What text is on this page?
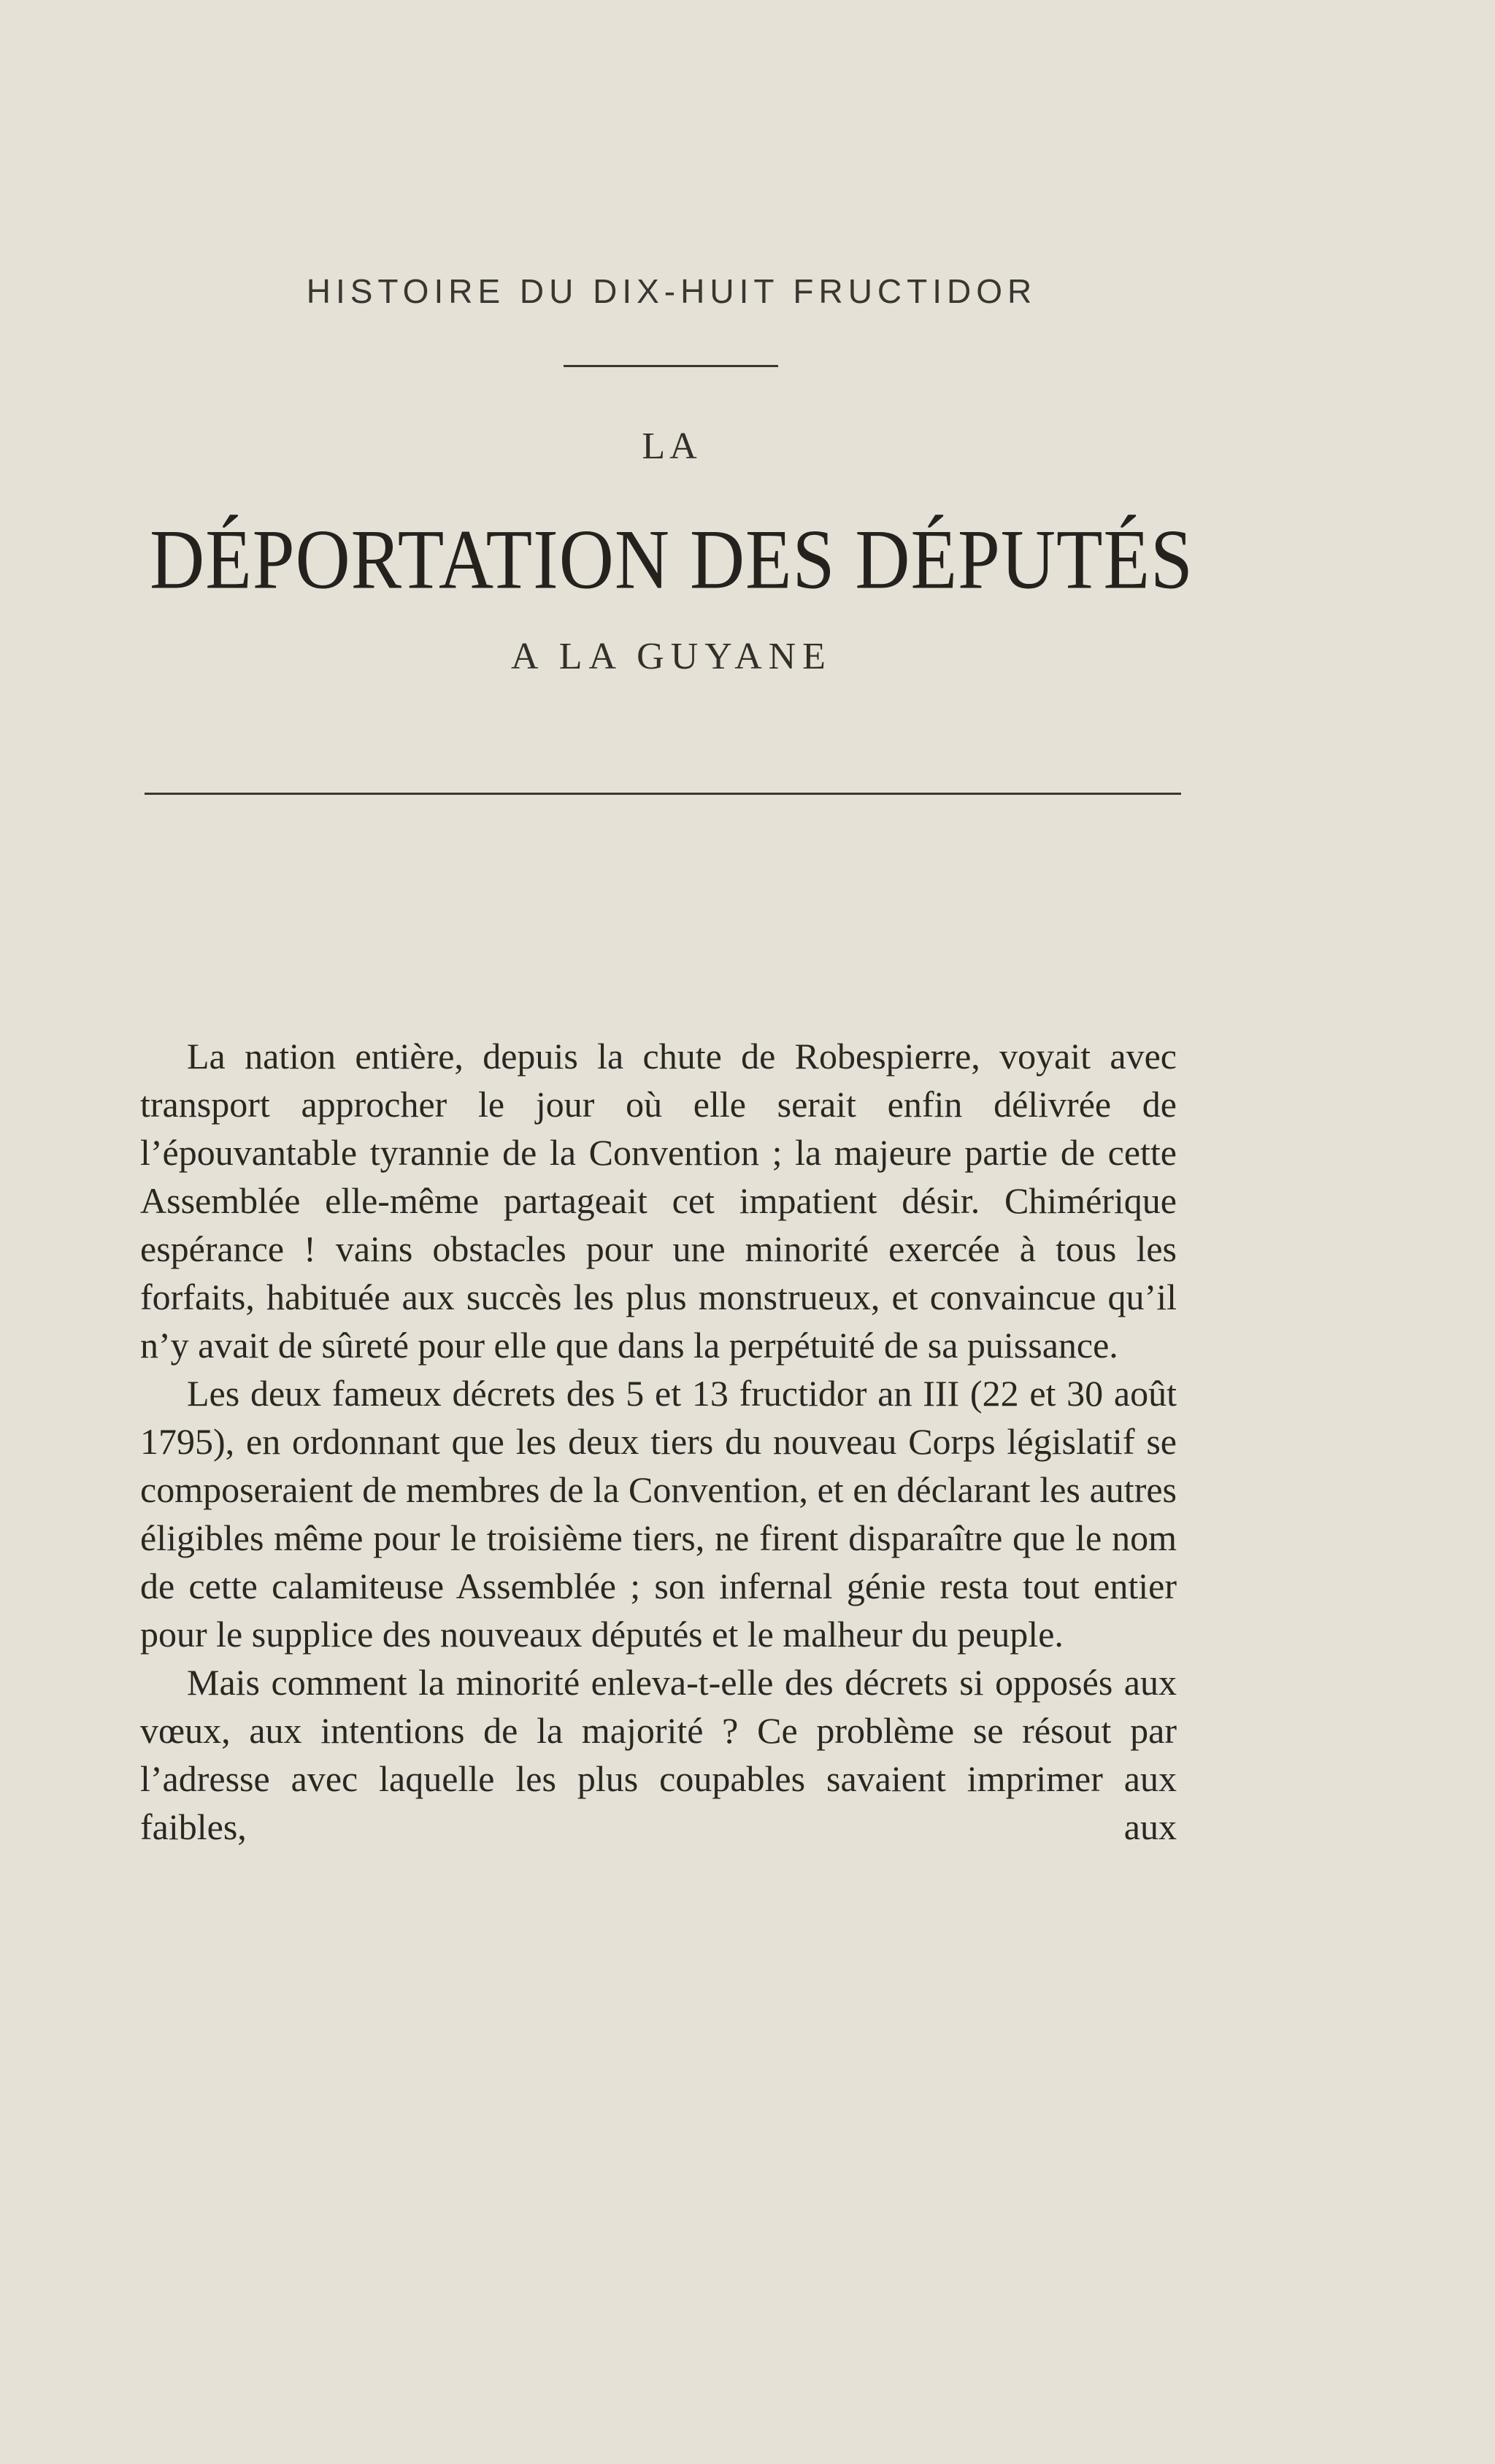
HISTOIRE DU DIX-HUIT FRUCTIDOR
LA
DÉPORTATION DES DÉPUTÉS
A LA GUYANE

La nation entière, depuis la chute de Robespierre, voyait avec transport approcher le jour où elle serait enfin délivrée de l’épouvantable tyrannie de la Convention ; la majeure partie de cette Assemblée elle-même partageait cet impatient désir. Chimérique espérance ! vains obstacles pour une minorité exercée à tous les forfaits, habituée aux succès les plus monstrueux, et convaincue qu’il n’y avait de sûreté pour elle que dans la perpétuité de sa puissance.

Les deux fameux décrets des 5 et 13 fructidor an III (22 et 30 août 1795), en ordonnant que les deux tiers du nouveau Corps législatif se composeraient de membres de la Convention, et en déclarant les autres éligibles même pour le troisième tiers, ne firent disparaître que le nom de cette calamiteuse Assemblée ; son infernal génie resta tout entier pour le supplice des nouveaux députés et le malheur du peuple.

Mais comment la minorité enleva-t-elle des décrets si opposés aux vœux, aux intentions de la majorité ? Ce problème se résout par l’adresse avec laquelle les plus coupables savaient imprimer aux faibles, aux
